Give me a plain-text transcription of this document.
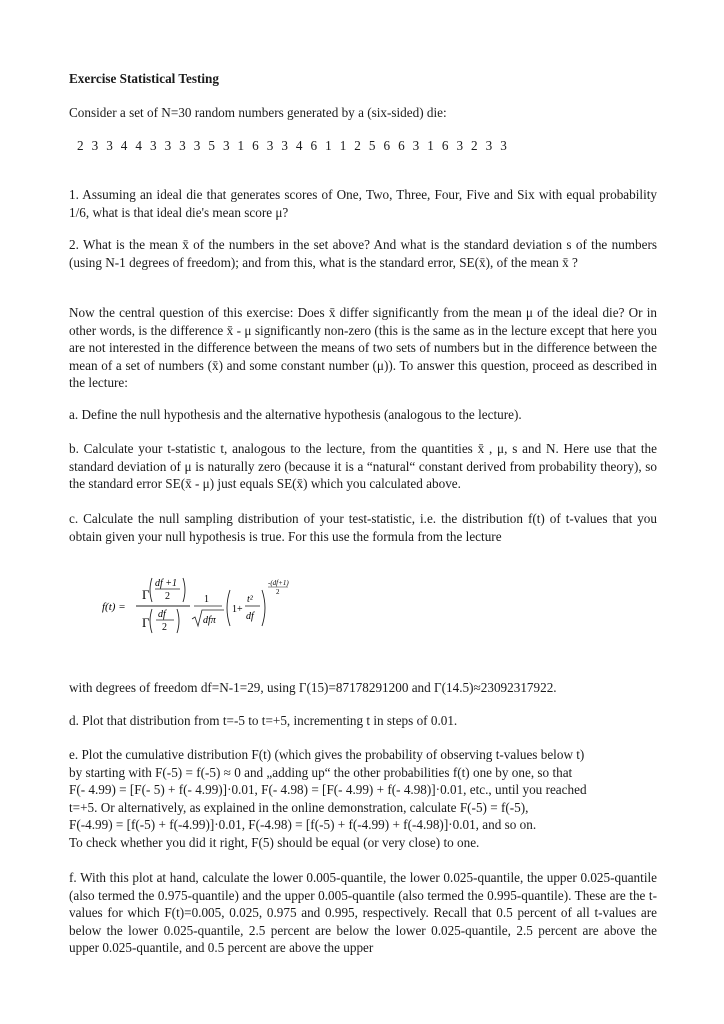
Exercise Statistical Testing
Consider a set of N=30 random numbers generated by a (six-sided) die:
2 3 3 4 4 3 3 3 3 5 3 1 6 3 3 4 6 1 1 2 5 6 6 3 1 6 3 2 3 3
1. Assuming an ideal die that generates scores of One, Two, Three, Four, Five and Six with equal probability 1/6, what is that ideal die's mean score μ?
2. What is the mean x̄ of the numbers in the set above? And what is the standard deviation s of the numbers (using N-1 degrees of freedom); and from this, what is the standard error, SE(x̄), of the mean x̄ ?
Now the central question of this exercise: Does x̄ differ significantly from the mean μ of the ideal die? Or in other words, is the difference x̄ - μ significantly non-zero (this is the same as in the lecture except that here you are not interested in the difference between the means of two sets of numbers but in the difference between the mean of a set of numbers (x̄) and some constant number (μ)). To answer this question, proceed as described in the lecture:
a. Define the null hypothesis and the alternative hypothesis (analogous to the lecture).
b. Calculate your t-statistic t, analogous to the lecture, from the quantities x̄ , μ, s and N. Here use that the standard deviation of μ is naturally zero (because it is a “natural“ constant derived from probability theory), so the standard error SE(x̄ - μ) just equals SE(x̄) which you calculated above.
c. Calculate the null sampling distribution of your test-statistic, i.e. the distribution f(t) of t-values that you obtain given your null hypothesis is true. For this use the formula from the lecture
f(t) =
Γ
df +1
2
Γ
df
2
1
dfπ
1+
t²
df
-(df+1)
2
with degrees of freedom df=N-1=29, using Γ(15)=87178291200 and Γ(14.5)≈23092317922.
d. Plot that distribution from t=-5 to t=+5, incrementing t in steps of 0.01.
e. Plot the cumulative distribution F(t) (which gives the probability of observing t-values below t)
by starting with F(-5) = f(-5) ≈ 0 and „adding up“ the other probabilities f(t) one by one, so that
F(- 4.99) = [F(- 5) + f(- 4.99)]·0.01, F(- 4.98) = [F(- 4.99) + f(- 4.98)]·0.01, etc., until you reached
t=+5. Or alternatively, as explained in the online demonstration, calculate F(-5) = f(-5),
F(-4.99) = [f(-5) + f(-4.99)]·0.01, F(-4.98) = [f(-5) + f(-4.99) + f(-4.98)]·0.01, and so on.
To check whether you did it right, F(5) should be equal (or very close) to one.
f. With this plot at hand, calculate the lower 0.005-quantile, the lower 0.025-quantile, the upper 0.025-quantile (also termed the 0.975-quantile) and the upper 0.005-quantile (also termed the 0.995-quantile). These are the t-values for which F(t)=0.005, 0.025, 0.975 and 0.995, respectively. Recall that 0.5 percent of all t-values are below the lower 0.025-quantile, 2.5 percent are below the lower 0.025-quantile, 2.5 percent are above the upper 0.025-quantile, and 0.5 percent are above the upper
